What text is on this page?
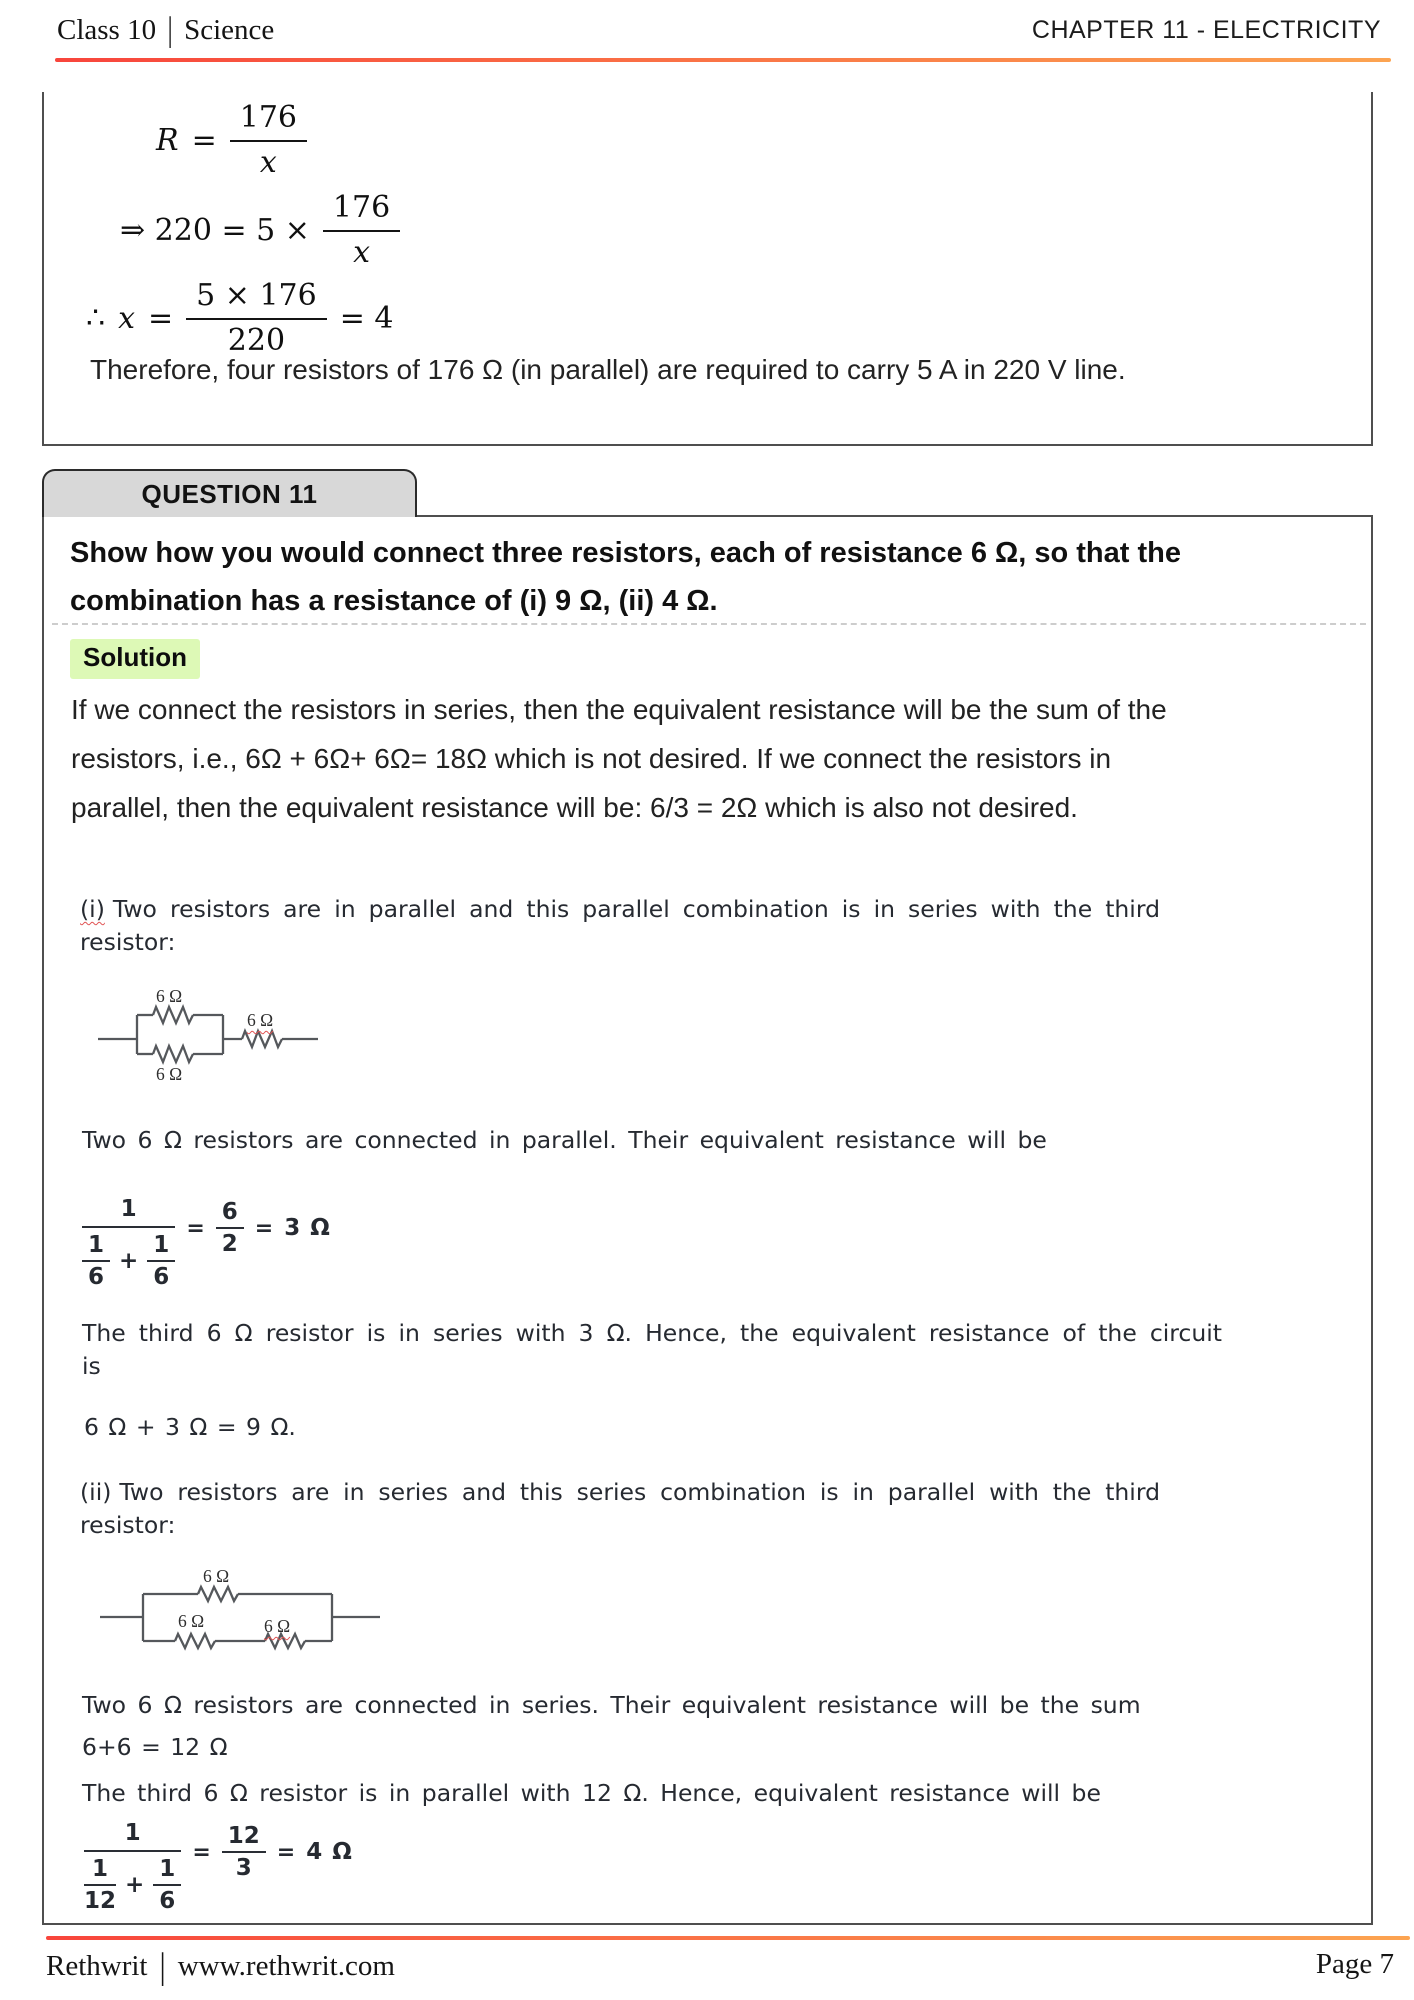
Class 10 | Science	CHAPTER 11 - ELECTRICITY
$R = \frac{176}{x}$
⇒ $220 = 5 \times \frac{176}{x}$
∴ $x = \frac{5 \times 176}{220} = 4$
Therefore, four resistors of 176 Ω (in parallel) are required to carry 5 A in 220 V line.
QUESTION 11
Show how you would connect three resistors, each of resistance 6 Ω, so that the combination has a resistance of (i) 9 Ω, (ii) 4 Ω.
Solution
If we connect the resistors in series, then the equivalent resistance will be the sum of the resistors, i.e., 6Ω + 6Ω+ 6Ω= 18Ω which is not desired. If we connect the resistors in parallel, then the equivalent resistance will be: 6/3 = 2Ω which is also not desired.
(i) Two resistors are in parallel and this parallel combination is in series with the third resistor:
6 Ω
6 Ω
6 Ω
Two 6 Ω resistors are connected in parallel. Their equivalent resistance will be
1
$\frac{1}{6} + \frac{1}{6}$
= $\frac{6}{2} = 3$ Ω
The third 6 Ω resistor is in series with 3 Ω. Hence, the equivalent resistance of the circuit is
6 Ω + 3 Ω = 9 Ω.
(ii) Two resistors are in series and this series combination is in parallel with the third resistor:
6 Ω
6 Ω	6 Ω
Two 6 Ω resistors are connected in series. Their equivalent resistance will be the sum
6+6 = 12 Ω
The third 6 Ω resistor is in parallel with 12 Ω. Hence, equivalent resistance will be
1
$\frac{1}{12} + \frac{1}{6}$
= $\frac{12}{3} = 4$ Ω
Rethwrit | www.rethwrit.com	Page 7
